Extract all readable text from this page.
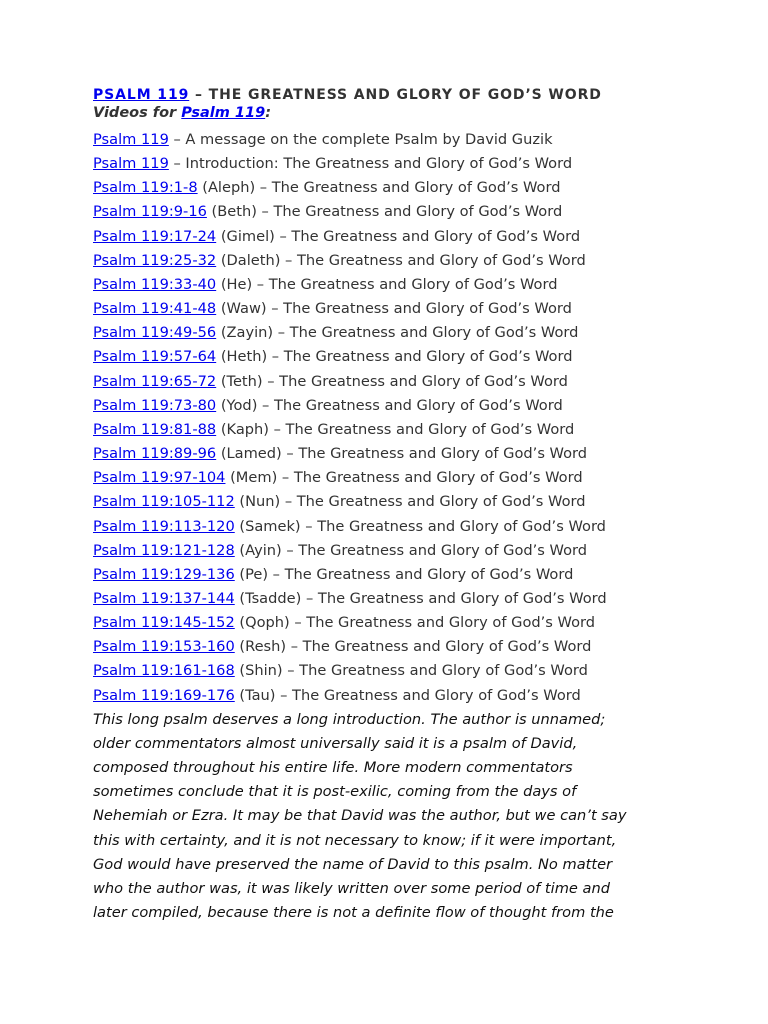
PSALM 119 – THE GREATNESS AND GLORY OF GOD’S WORD
Videos for Psalm 119:
Psalm 119 – A message on the complete Psalm by David Guzik
Psalm 119 – Introduction: The Greatness and Glory of God’s Word
Psalm 119:1-8 (Aleph) – The Greatness and Glory of God’s Word
Psalm 119:9-16 (Beth) – The Greatness and Glory of God’s Word
Psalm 119:17-24 (Gimel) – The Greatness and Glory of God’s Word
Psalm 119:25-32 (Daleth) – The Greatness and Glory of God’s Word
Psalm 119:33-40 (He) – The Greatness and Glory of God’s Word
Psalm 119:41-48 (Waw) – The Greatness and Glory of God’s Word
Psalm 119:49-56 (Zayin) – The Greatness and Glory of God’s Word
Psalm 119:57-64 (Heth) – The Greatness and Glory of God’s Word
Psalm 119:65-72 (Teth) – The Greatness and Glory of God’s Word
Psalm 119:73-80 (Yod) – The Greatness and Glory of God’s Word
Psalm 119:81-88 (Kaph) – The Greatness and Glory of God’s Word
Psalm 119:89-96 (Lamed) – The Greatness and Glory of God’s Word
Psalm 119:97-104 (Mem) – The Greatness and Glory of God’s Word
Psalm 119:105-112 (Nun) – The Greatness and Glory of God’s Word
Psalm 119:113-120 (Samek) – The Greatness and Glory of God’s Word
Psalm 119:121-128 (Ayin) – The Greatness and Glory of God’s Word
Psalm 119:129-136 (Pe) – The Greatness and Glory of God’s Word
Psalm 119:137-144 (Tsadde) – The Greatness and Glory of God’s Word
Psalm 119:145-152 (Qoph) – The Greatness and Glory of God’s Word
Psalm 119:153-160 (Resh) – The Greatness and Glory of God’s Word
Psalm 119:161-168 (Shin) – The Greatness and Glory of God’s Word
Psalm 119:169-176 (Tau) – The Greatness and Glory of God’s Word

This long psalm deserves a long introduction. The author is unnamed;
older commentators almost universally said it is a psalm of David,
composed throughout his entire life. More modern commentators
sometimes conclude that it is post-exilic, coming from the days of
Nehemiah or Ezra. It may be that David was the author, but we can’t say
this with certainty, and it is not necessary to know; if it were important,
God would have preserved the name of David to this psalm. No matter
who the author was, it was likely written over some period of time and
later compiled, because there is not a definite flow of thought from the
